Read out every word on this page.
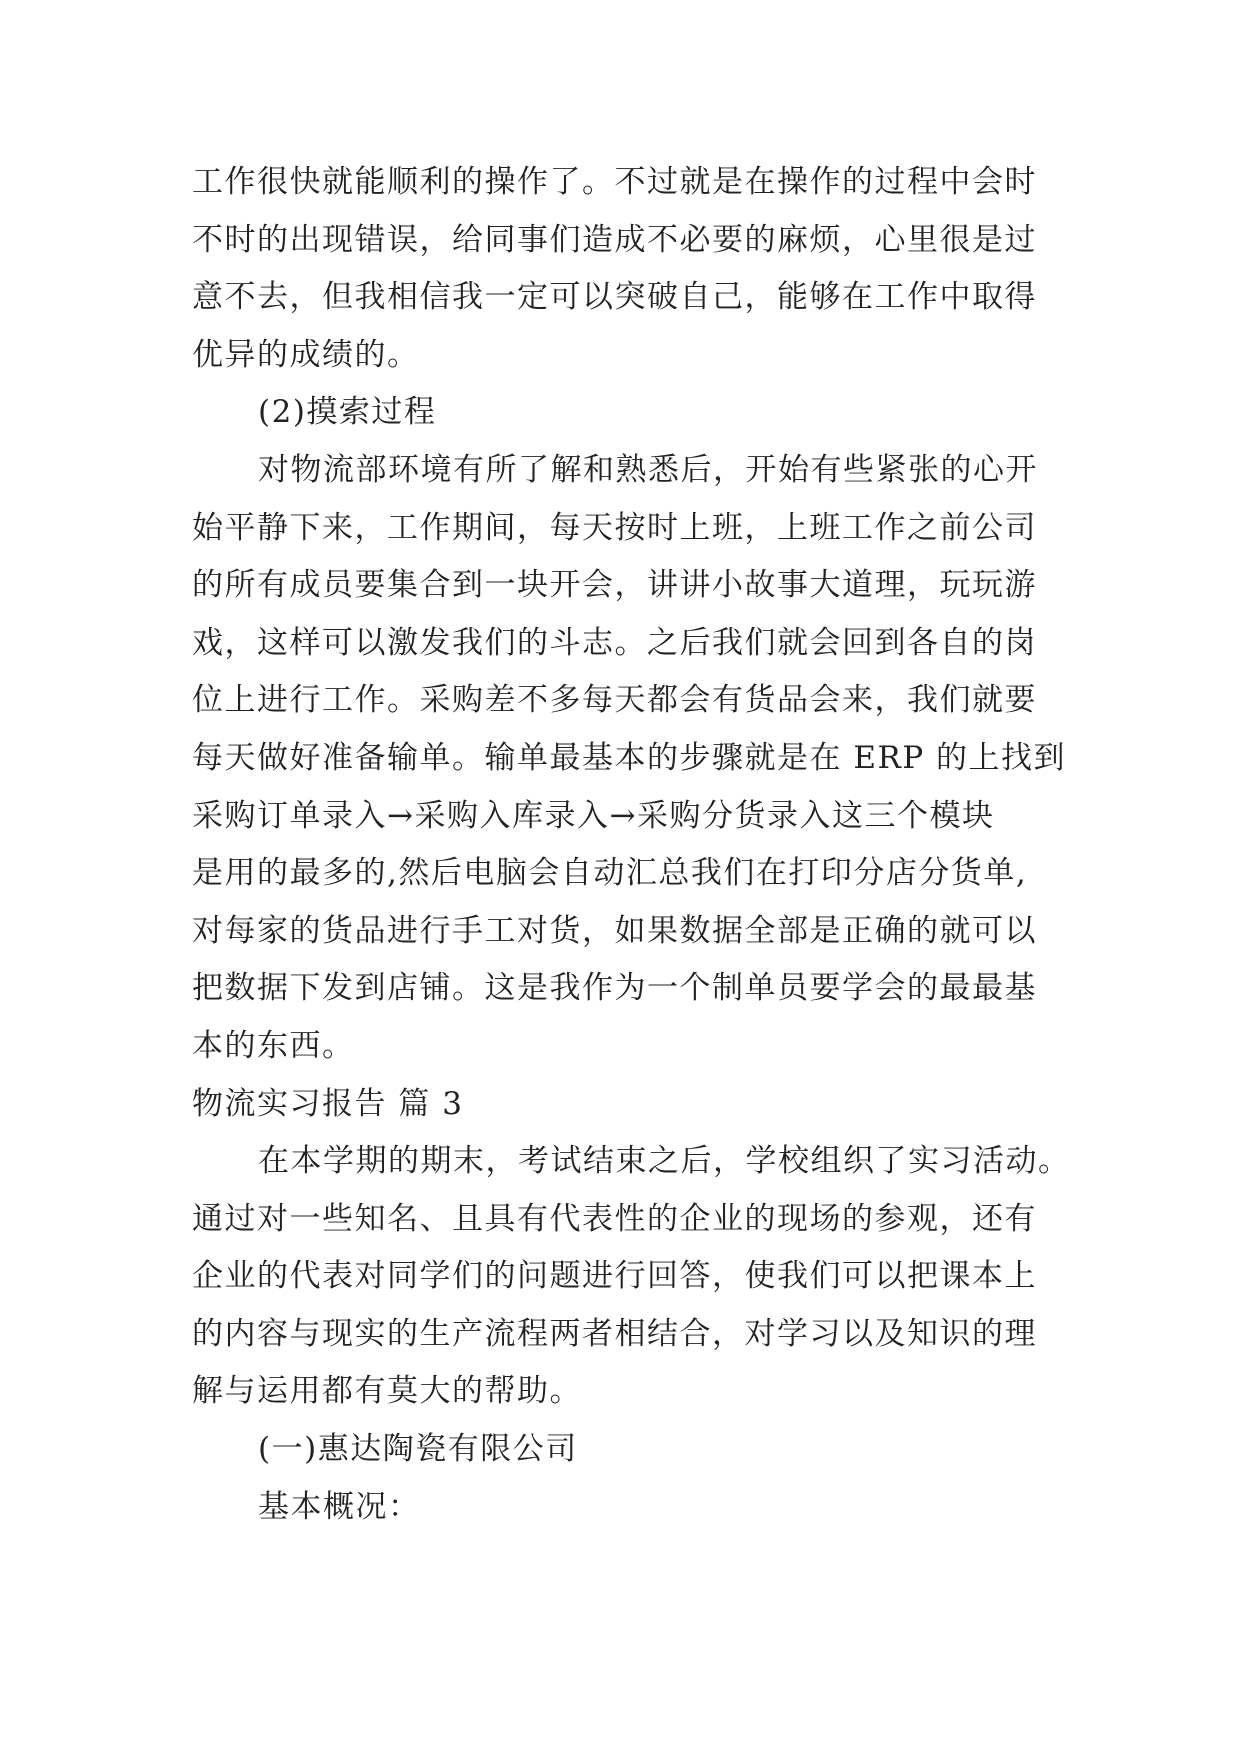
工作很快就能顺利的操作了。不过就是在操作的过程中会时
不时的出现错误，给同事们造成不必要的麻烦，心里很是过
意不去，但我相信我一定可以突破自己，能够在工作中取得
优异的成绩的。
(2)摸索过程
对物流部环境有所了解和熟悉后，开始有些紧张的心开
始平静下来，工作期间，每天按时上班，上班工作之前公司
的所有成员要集合到一块开会，讲讲小故事大道理，玩玩游
戏，这样可以激发我们的斗志。之后我们就会回到各自的岗
位上进行工作。采购差不多每天都会有货品会来，我们就要
每天做好准备输单。输单最基本的步骤就是在 ERP 的上找到
采购订单录入→采购入库录入→采购分货录入这三个模块
是用的最多的,然后电脑会自动汇总我们在打印分店分货单,
对每家的货品进行手工对货，如果数据全部是正确的就可以
把数据下发到店铺。这是我作为一个制单员要学会的最最基
本的东西。
物流实习报告 篇 3
在本学期的期末，考试结束之后，学校组织了实习活动。
通过对一些知名、且具有代表性的企业的现场的参观，还有
企业的代表对同学们的问题进行回答，使我们可以把课本上
的内容与现实的生产流程两者相结合，对学习以及知识的理
解与运用都有莫大的帮助。
(一)惠达陶瓷有限公司
基本概况：
